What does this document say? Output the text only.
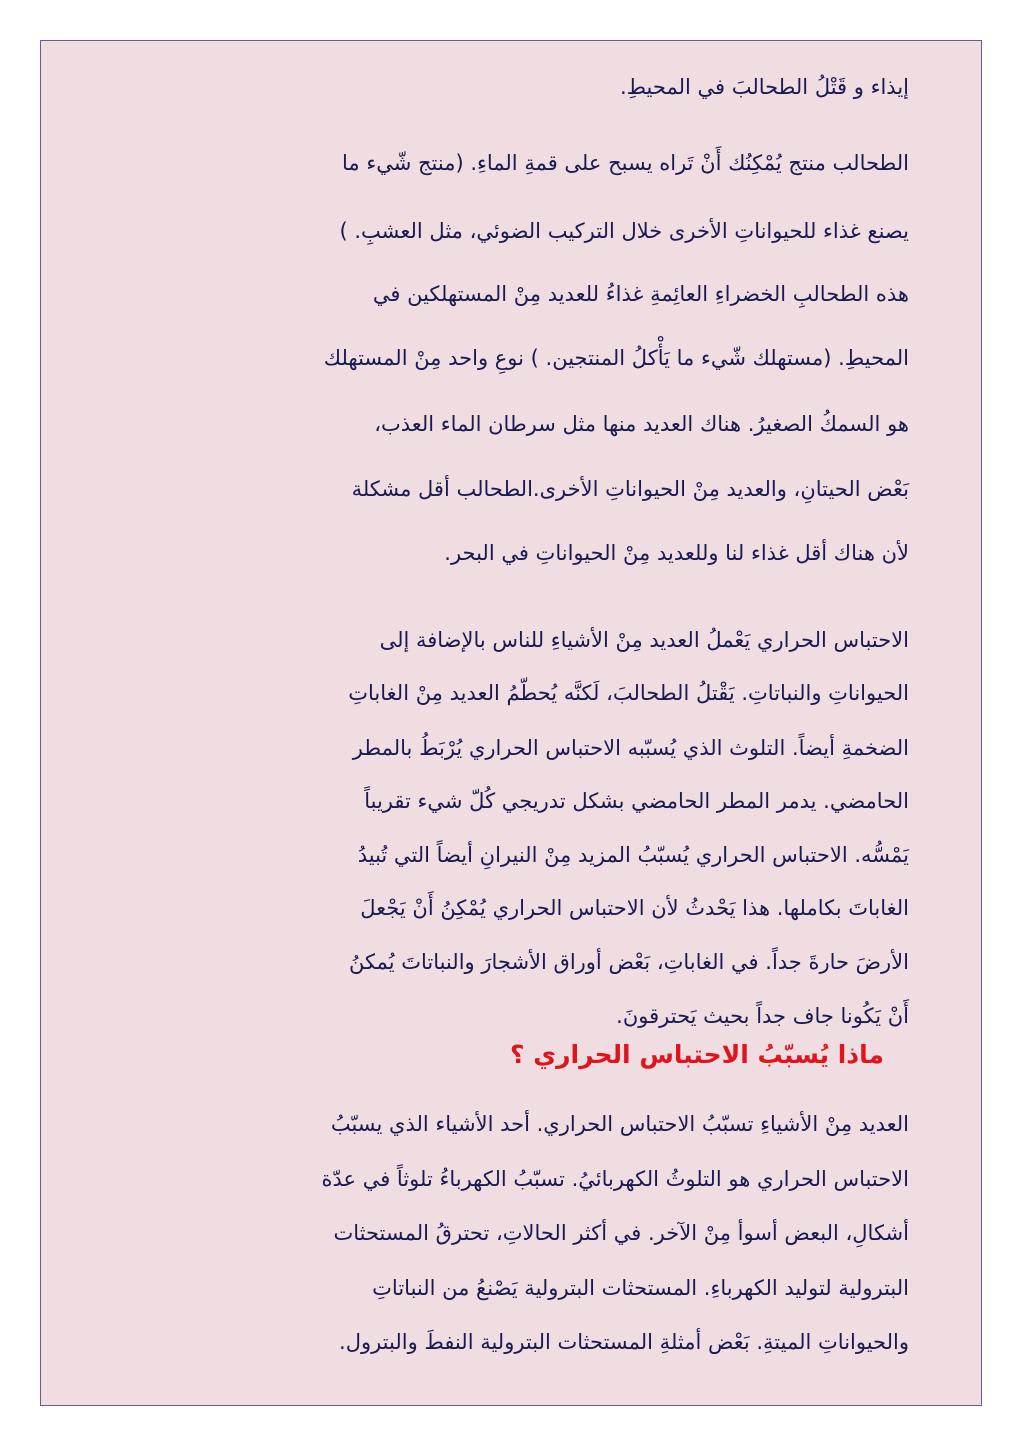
إيذاء و قَتْلُ الطحالبَ في المحيطِ.
الطحالب منتج يُمْكِنُك أَنْ تَراه يسبح على قمةِ الماءِ. (منتج شّيء ما
يصنع غذاء للحيواناتِ الأخرى خلال التركيب الضوئي، مثل العشبِ. )
هذه الطحالبِ الخضراءِ العائِمةِ غذاءُ للعديد مِنْ المستهلكين في
المحيطِ. (مستهلك شّيء ما يَأْكلُ المنتجين. ) نوعِ واحد مِنْ المستهلك
هو السمكُ الصغيرُ. هناك العديد منها مثل سرطان الماء العذب،
بَعْض الحيتانِ، والعديد مِنْ الحيواناتِ الأخرى.الطحالب أقل مشكلة
لأن هناك أقل غذاء لنا وللعديد مِنْ الحيواناتِ في البحر.
الاحتباس الحراري يَعْملُ العديد مِنْ الأشياءِ للناس بالإضافة إلى
الحيواناتِ والنباتاتِ. يَقْتلُ الطحالبَ، لَكنَّه يُحطّمُ العديد مِنْ الغاباتِ
الضخمةِ أيضاً. التلوث الذي يُسبّبه الاحتباس الحراري يُرْبَطُ بالمطر
الحامضي. يدمر المطر الحامضي بشكل تدريجي كُلّ شيء تقريباً
يَمْسُّه. الاحتباس الحراري يُسبّبُ المزيد مِنْ النيرانِ أيضاً التي تُبيدُ
الغاباتَ بكاملها. هذا يَحْدثُ لأن الاحتباس الحراري يُمْكِنُ أَنْ يَجْعلَ
الأرضَ حارةَ جداً. في الغاباتِ، بَعْض أوراق الأشجارَ والنباتاتَ يُمكنُ
أَنْ يَكُونا جاف جداً بحيث يَحترقونَ.
العديد مِنْ الأشياءِ تسبّبُ الاحتباس الحراري. أحد الأشياء الذي يسبّبُ
الاحتباس الحراري هو التلوثُ الكهربائيُ. تسبّبُ الكهرباءُ تلوثاً في عدّة
أشكالِ، البعض أسوأ مِنْ الآخر. في أكثر الحالاتِ، تحترقُ المستحثات
البترولية لتوليد الكهرباءِ. المستحثات البترولية يَصْنعُ من النباتاتِ
والحيواناتِ الميتةِ. بَعْض أمثلةِ المستحثات البترولية النفطَ والبترول.
ماذا يُسبّبُ الاحتباس الحراري ؟
